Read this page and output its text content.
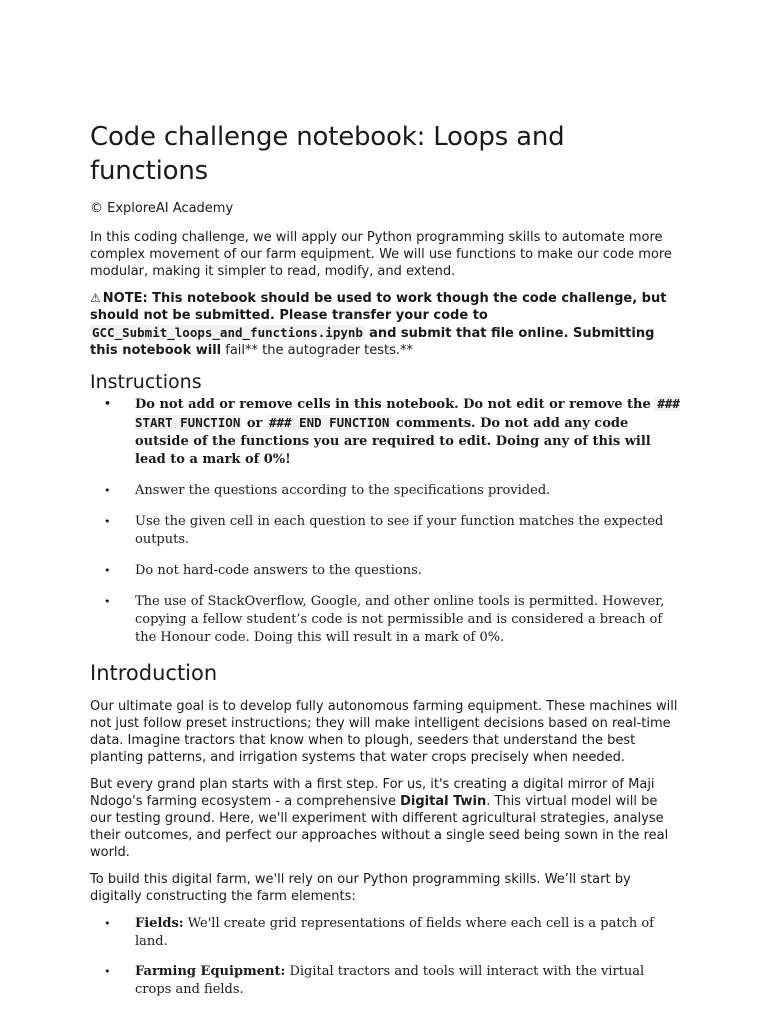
Code challenge notebook: Loops and functions

© ExploreAI Academy

In this coding challenge, we will apply our Python programming skills to automate more complex movement of our farm equipment. We will use functions to make our code more modular, making it simpler to read, modify, and extend.

⚠ NOTE: This notebook should be used to work though the code challenge, but should not be submitted. Please transfer your code to GCC_Submit_loops_and_functions.ipynb and submit that file online. Submitting this notebook will fail** the autograder tests.**

Instructions
• Do not add or remove cells in this notebook. Do not edit or remove the ### START FUNCTION or ### END FUNCTION comments. Do not add any code outside of the functions you are required to edit. Doing any of this will lead to a mark of 0%!
• Answer the questions according to the specifications provided.
• Use the given cell in each question to see if your function matches the expected outputs.
• Do not hard-code answers to the questions.
• The use of StackOverflow, Google, and other online tools is permitted. However, copying a fellow student’s code is not permissible and is considered a breach of the Honour code. Doing this will result in a mark of 0%.
Introduction

Our ultimate goal is to develop fully autonomous farming equipment. These machines will not just follow preset instructions; they will make intelligent decisions based on real-time data. Imagine tractors that know when to plough, seeders that understand the best planting patterns, and irrigation systems that water crops precisely when needed.

But every grand plan starts with a first step. For us, it's creating a digital mirror of Maji Ndogo's farming ecosystem - a comprehensive Digital Twin. This virtual model will be our testing ground. Here, we'll experiment with different agricultural strategies, analyse their outcomes, and perfect our approaches without a single seed being sown in the real world.

To build this digital farm, we'll rely on our Python programming skills. We’ll start by digitally constructing the farm elements:

• Fields: We'll create grid representations of fields where each cell is a patch of land.
• Farming Equipment: Digital tractors and tools will interact with the virtual crops and fields.
